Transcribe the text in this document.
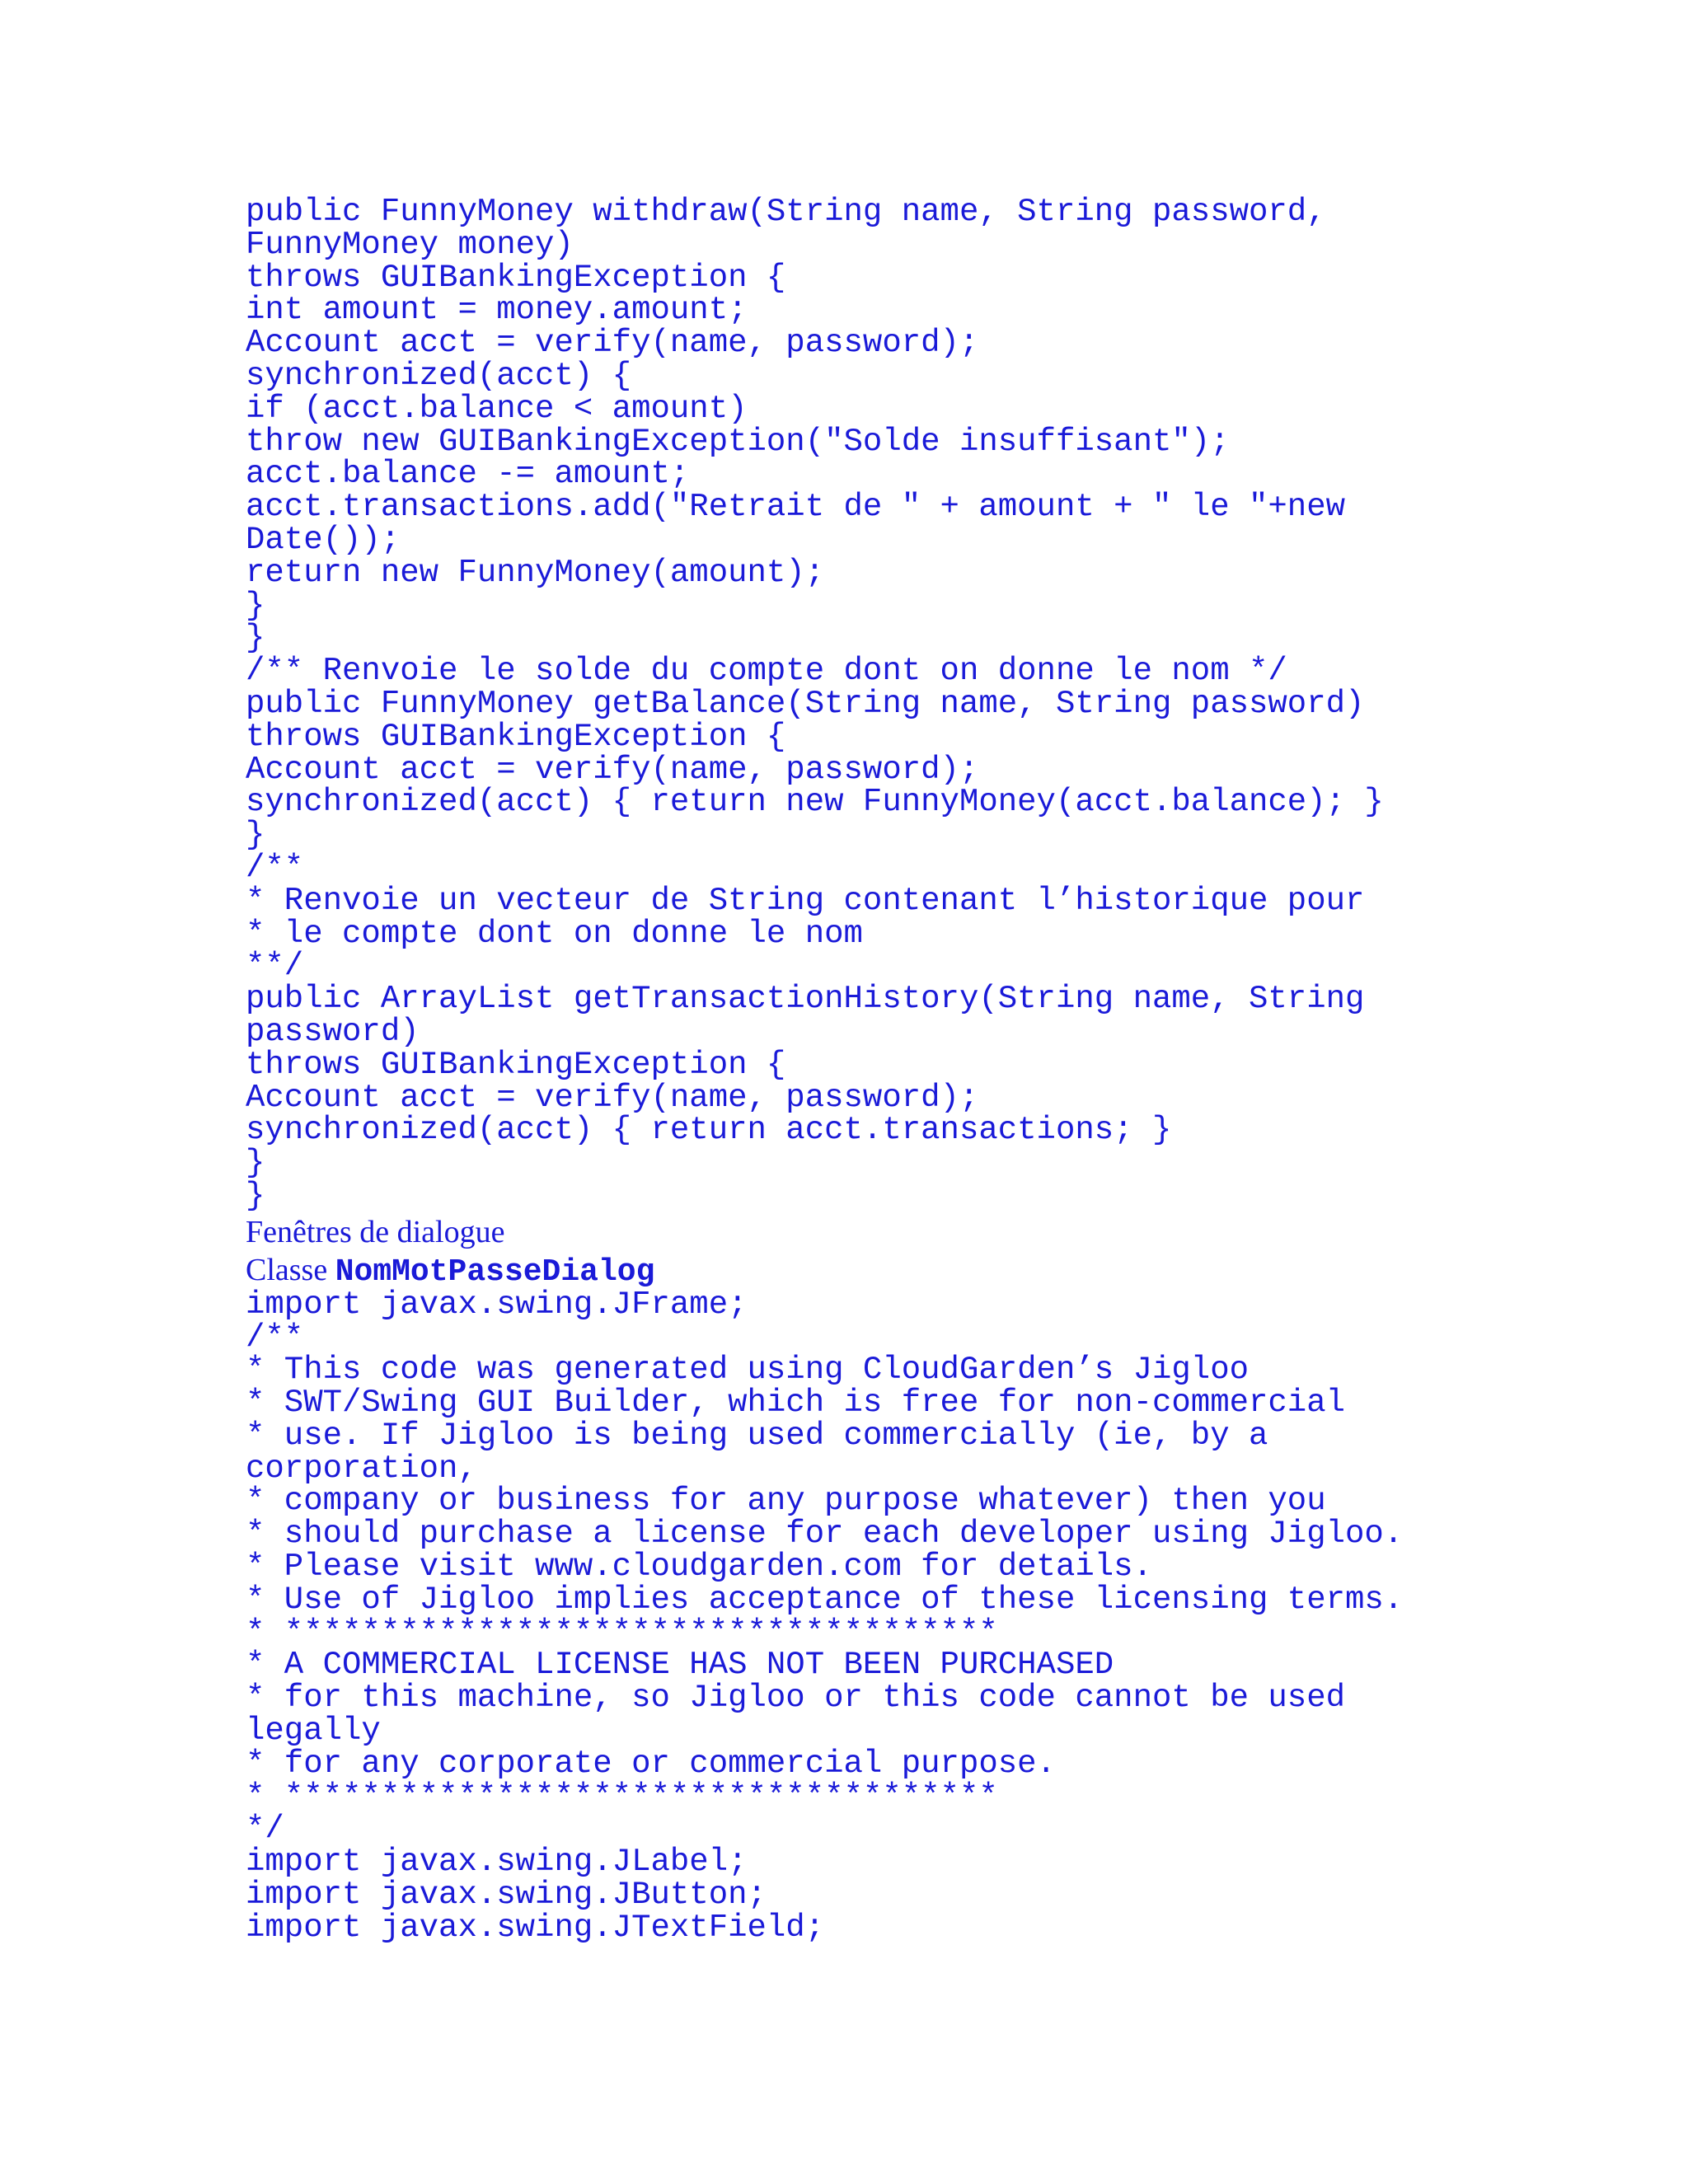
public FunnyMoney withdraw(String name, String password,
FunnyMoney money)
throws GUIBankingException {
int amount = money.amount;
Account acct = verify(name, password);
synchronized(acct) {
if (acct.balance < amount)
throw new GUIBankingException("Solde insuffisant");
acct.balance -= amount;
acct.transactions.add("Retrait de " + amount + " le "+new
Date());
return new FunnyMoney(amount);
}
}
/** Renvoie le solde du compte dont on donne le nom */
public FunnyMoney getBalance(String name, String password)
throws GUIBankingException {
Account acct = verify(name, password);
synchronized(acct) { return new FunnyMoney(acct.balance); }
}
/**
* Renvoie un vecteur de String contenant l’historique pour
* le compte dont on donne le nom
**/
public ArrayList getTransactionHistory(String name, String
password)
throws GUIBankingException {
Account acct = verify(name, password);
synchronized(acct) { return acct.transactions; }
}
}
Fenêtres de dialogue
Classe NomMotPasseDialog
import javax.swing.JFrame;
/**
* This code was generated using CloudGarden’s Jigloo
* SWT/Swing GUI Builder, which is free for non-commercial
* use. If Jigloo is being used commercially (ie, by a
corporation,
* company or business for any purpose whatever) then you
* should purchase a license for each developer using Jigloo.
* Please visit www.cloudgarden.com for details.
* Use of Jigloo implies acceptance of these licensing terms.
* *************************************
* A COMMERCIAL LICENSE HAS NOT BEEN PURCHASED
* for this machine, so Jigloo or this code cannot be used
legally
* for any corporate or commercial purpose.
* *************************************
*/
import javax.swing.JLabel;
import javax.swing.JButton;
import javax.swing.JTextField;
